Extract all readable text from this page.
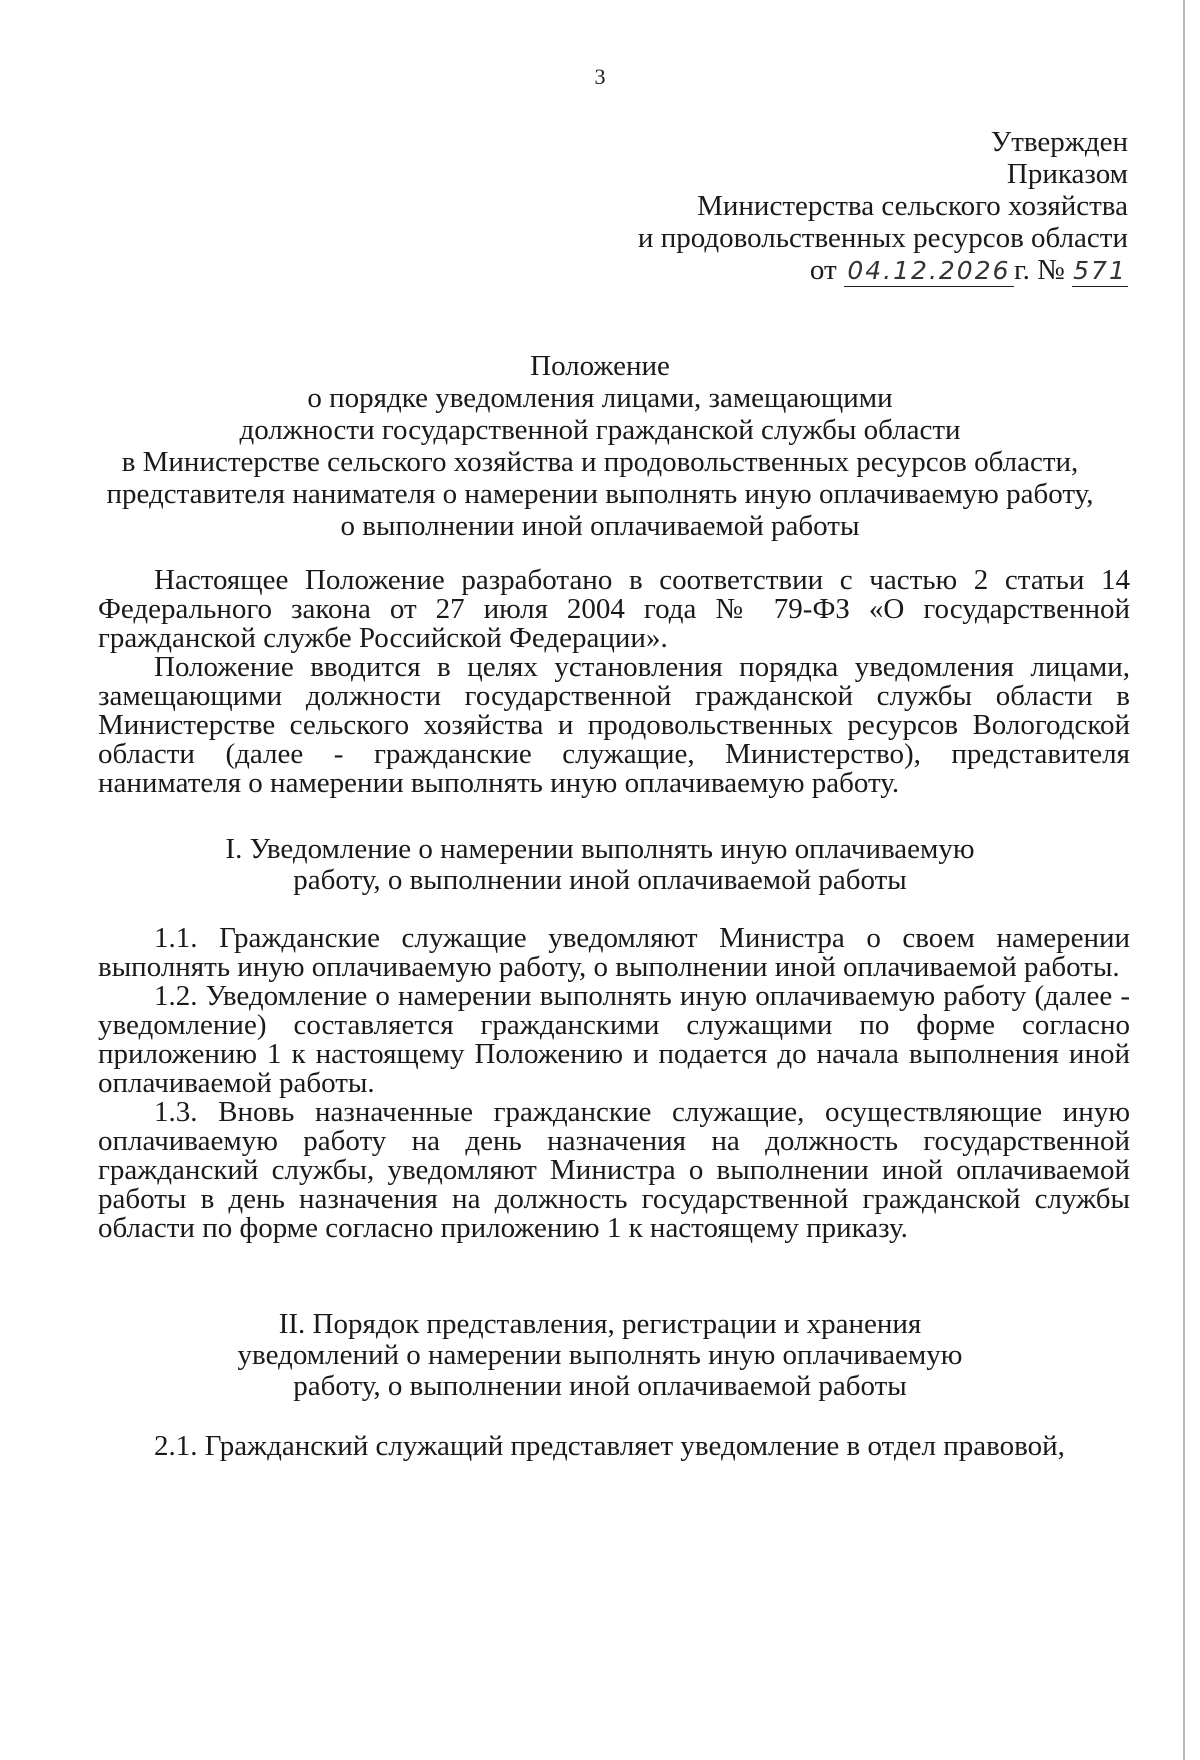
3
Утвержден
Приказом
Министерства сельского хозяйства
и продовольственных ресурсов области
от 04.12.2026 г. № 571
Положение
о порядке уведомления лицами, замещающими
должности государственной гражданской службы области
в Министерстве сельского хозяйства и продовольственных ресурсов области,
представителя нанимателя о намерении выполнять иную оплачиваемую работу,
о выполнении иной оплачиваемой работы

Настоящее Положение разработано в соответствии с частью 2 статьи 14 Федерального закона от 27 июля 2004 года № 79-ФЗ «О государственной гражданской службе Российской Федерации».

Положение вводится в целях установления порядка уведомления лицами, замещающими должности государственной гражданской службы области в Министерстве сельского хозяйства и продовольственных ресурсов Вологодской области (далее - гражданские служащие, Министерство), представителя нанимателя о намерении выполнять иную оплачиваемую работу.

I. Уведомление о намерении выполнять иную оплачиваемую
работу, о выполнении иной оплачиваемой работы

1.1. Гражданские служащие уведомляют Министра о своем намерении выполнять иную оплачиваемую работу, о выполнении иной оплачиваемой работы.

1.2. Уведомление о намерении выполнять иную оплачиваемую работу (далее - уведомление) составляется гражданскими служащими по форме согласно приложению 1 к настоящему Положению и подается до начала выполнения иной оплачиваемой работы.

1.3. Вновь назначенные гражданские служащие, осуществляющие иную оплачиваемую работу на день назначения на должность государственной гражданский службы, уведомляют Министра о выполнении иной оплачиваемой работы в день назначения на должность государственной гражданской службы области по форме согласно приложению 1 к настоящему приказу.

II. Порядок представления, регистрации и хранения
уведомлений о намерении выполнять иную оплачиваемую
работу, о выполнении иной оплачиваемой работы

2.1. Гражданский служащий представляет уведомление в отдел правовой,
